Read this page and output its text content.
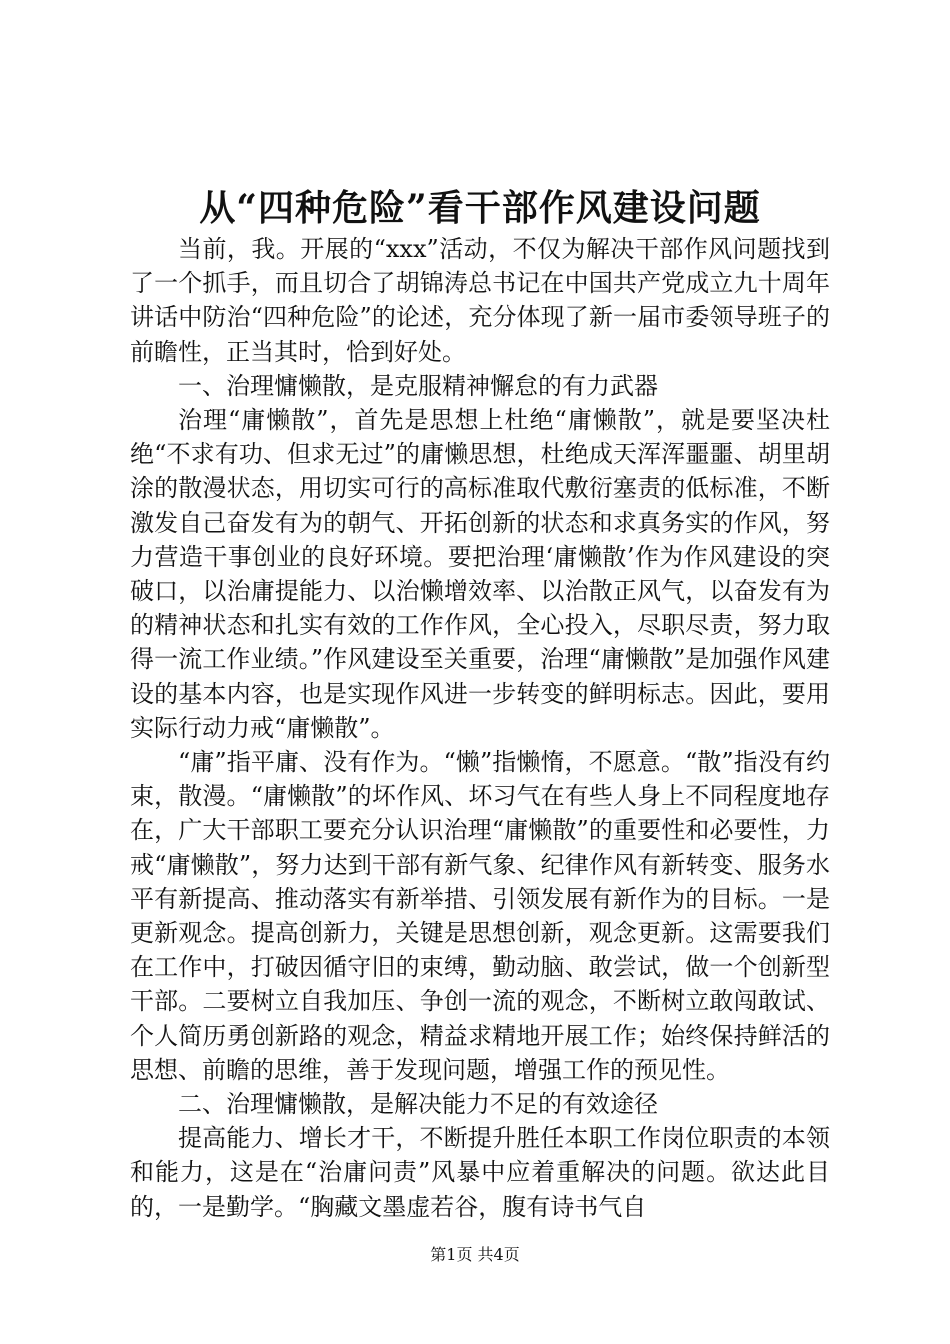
从“四种危险”看干部作风建设问题

当前，我。开展的“xxx”活动，不仅为解决干部作风问题找到了一个抓手，而且切合了胡锦涛总书记在中国共产党成立九十周年讲话中防治“四种危险”的论述，充分体现了新一届市委领导班子的前瞻性，正当其时，恰到好处。

一、治理慵懒散，是克服精神懈怠的有力武器

治理“庸懒散”，首先是思想上杜绝“庸懒散”，就是要坚决杜绝“不求有功、但求无过”的庸懒思想，杜绝成天浑浑噩噩、胡里胡涂的散漫状态，用切实可行的高标准取代敷衍塞责的低标准，不断激发自己奋发有为的朝气、开拓创新的状态和求真务实的作风，努力营造干事创业的良好环境。要把治理‘庸懒散’作为作风建设的突破口，以治庸提能力、以治懒增效率、以治散正风气，以奋发有为的精神状态和扎实有效的工作作风，全心投入，尽职尽责，努力取得一流工作业绩。”作风建设至关重要，治理“庸懒散”是加强作风建设的基本内容，也是实现作风进一步转变的鲜明标志。因此，要用实际行动力戒“庸懒散”。

“庸”指平庸、没有作为。“懒”指懒惰，不愿意。“散”指没有约束，散漫。“庸懒散”的坏作风、坏习气在有些人身上不同程度地存在，广大干部职工要充分认识治理“庸懒散”的重要性和必要性，力戒“庸懒散”，努力达到干部有新气象、纪律作风有新转变、服务水平有新提高、推动落实有新举措、引领发展有新作为的目标。一是更新观念。提高创新力，关键是思想创新，观念更新。这需要我们在工作中，打破因循守旧的束缚，勤动脑、敢尝试，做一个创新型干部。二要树立自我加压、争创一流的观念，不断树立敢闯敢试、个人简历勇创新路的观念，精益求精地开展工作；始终保持鲜活的思想、前瞻的思维，善于发现问题，增强工作的预见性。

二、治理慵懒散，是解决能力不足的有效途径

提高能力、增长才干，不断提升胜任本职工作岗位职责的本领和能力，这是在“治庸问责”风暴中应着重解决的问题。欲达此目的，一是勤学。“胸藏文墨虚若谷，腹有诗书气自

第1页 共4页
